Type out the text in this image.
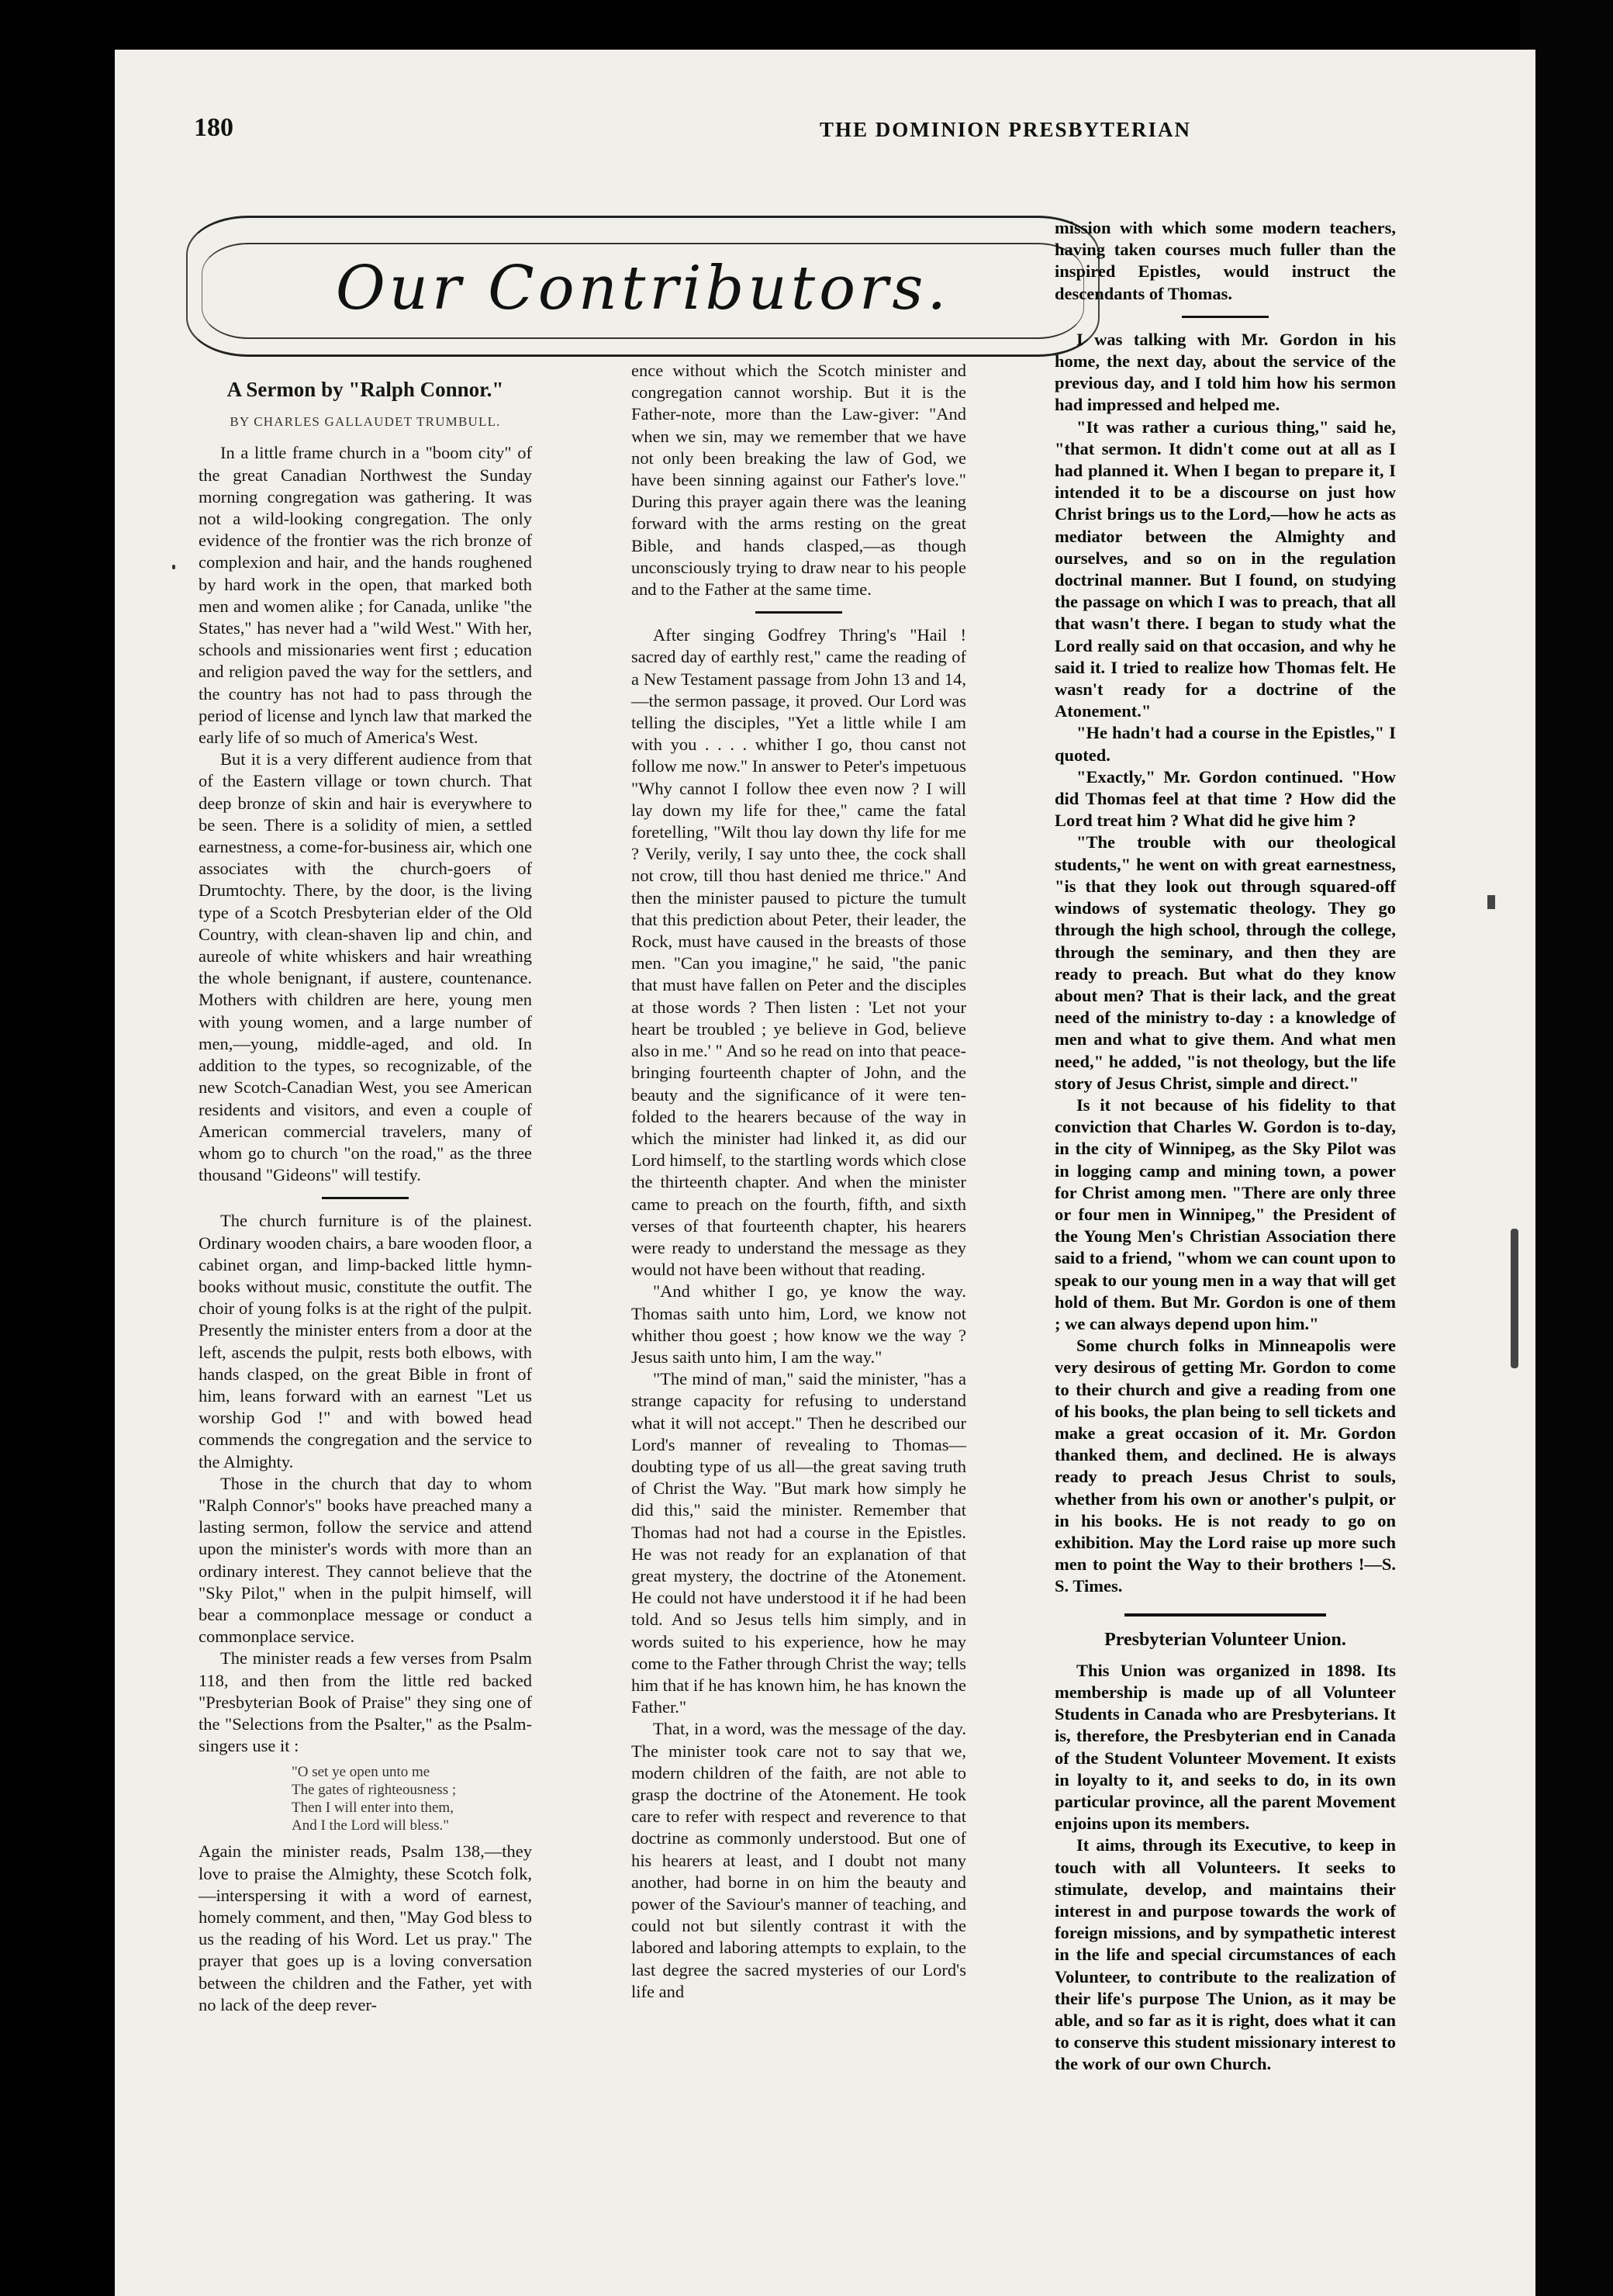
180	THE DOMINION PRESBYTERIAN
Our Contributors.
A Sermon by "Ralph Connor."
BY CHARLES GALLAUDET TRUMBULL.

In a little frame church in a "boom city" of the great Canadian Northwest the Sunday morning congregation was gathering. It was not a wild-looking congregation. The only evidence of the frontier was the rich bronze of complexion and hair, and the hands roughened by hard work in the open, that marked both men and women alike ; for Canada, unlike "the States," has never had a "wild West." With her, schools and missionaries went first ; education and religion paved the way for the settlers, and the country has not had to pass through the period of license and lynch law that marked the early life of so much of America's West.

But it is a very different audience from that of the Eastern village or town church. That deep bronze of skin and hair is everywhere to be seen. There is a solidity of mien, a settled earnestness, a come-for-business air, which one associates with the church-goers of Drumtochty. There, by the door, is the living type of a Scotch Presbyterian elder of the Old Country, with clean-shaven lip and chin, and aureole of white whiskers and hair wreathing the whole benignant, if austere, countenance. Mothers with children are here, young men with young women, and a large number of men,—young, middle-aged, and old. In addition to the types, so recognizable, of the new Scotch-Canadian West, you see American residents and visitors, and even a couple of American commercial travelers, many of whom go to church "on the road," as the three thousand "Gideons" will testify.

The church furniture is of the plainest. Ordinary wooden chairs, a bare wooden floor, a cabinet organ, and limp-backed little hymn-books without music, constitute the outfit. The choir of young folks is at the right of the pulpit. Presently the minister enters from a door at the left, ascends the pulpit, rests both elbows, with hands clasped, on the great Bible in front of him, leans forward with an earnest "Let us worship God !" and with bowed head commends the congregation and the service to the Almighty.

Those in the church that day to whom "Ralph Connor's" books have preached many a lasting sermon, follow the service and attend upon the minister's words with more than an ordinary interest. They cannot believe that the "Sky Pilot," when in the pulpit himself, will bear a commonplace message or conduct a commonplace service.

The minister reads a few verses from Psalm 118, and then from the little red backed "Presbyterian Book of Praise" they sing one of the "Selections from the Psalter," as the Psalm-singers use it :

"O set ye open unto me
The gates of righteousness ;
Then I will enter into them,
And I the Lord will bless."

Again the minister reads, Psalm 138,—they love to praise the Almighty, these Scotch folk,—interspersing it with a word of earnest, homely comment, and then, "May God bless to us the reading of his Word. Let us pray." The prayer that goes up is a loving conversation between the children and the Father, yet with no lack of the deep rever-

ence without which the Scotch minister and congregation cannot worship. But it is the Father-note, more than the Law-giver: "And when we sin, may we remember that we have not only been breaking the law of God, we have been sinning against our Father's love." During this prayer again there was the leaning forward with the arms resting on the great Bible, and hands clasped,—as though unconsciously trying to draw near to his people and to the Father at the same time.

After singing Godfrey Thring's "Hail ! sacred day of earthly rest," came the reading of a New Testament passage from John 13 and 14,—the sermon passage, it proved. Our Lord was telling the disciples, "Yet a little while I am with you . . . . whither I go, thou canst not follow me now." In answer to Peter's impetuous "Why cannot I follow thee even now ? I will lay down my life for thee," came the fatal foretelling, "Wilt thou lay down thy life for me ? Verily, verily, I say unto thee, the cock shall not crow, till thou hast denied me thrice." And then the minister paused to picture the tumult that this prediction about Peter, their leader, the Rock, must have caused in the breasts of those men. "Can you imagine," he said, "the panic that must have fallen on Peter and the disciples at those words ? Then listen : 'Let not your heart be troubled ; ye believe in God, believe also in me.' " And so he read on into that peace-bringing fourteenth chapter of John, and the beauty and the significance of it were ten-folded to the hearers because of the way in which the minister had linked it, as did our Lord himself, to the startling words which close the thirteenth chapter. And when the minister came to preach on the fourth, fifth, and sixth verses of that fourteenth chapter, his hearers were ready to understand the message as they would not have been without that reading.

"And whither I go, ye know the way. Thomas saith unto him, Lord, we know not whither thou goest ; how know we the way ? Jesus saith unto him, I am the way."

"The mind of man," said the minister, "has a strange capacity for refusing to understand what it will not accept." Then he described our Lord's manner of revealing to Thomas—doubting type of us all—the great saving truth of Christ the Way. "But mark how simply he did this," said the minister. Remember that Thomas had not had a course in the Epistles. He was not ready for an explanation of that great mystery, the doctrine of the Atonement. He could not have understood it if he had been told. And so Jesus tells him simply, and in words suited to his experience, how he may come to the Father through Christ the way; tells him that if he has known him, he has known the Father."

That, in a word, was the message of the day. The minister took care not to say that we, modern children of the faith, are not able to grasp the doctrine of the Atonement. He took care to refer with respect and reverence to that doctrine as commonly understood. But one of his hearers at least, and I doubt not many another, had borne in on him the beauty and power of the Saviour's manner of teaching, and could not but silently contrast it with the labored and laboring attempts to explain, to the last degree the sacred mysteries of our Lord's life and

mission with which some modern teachers, having taken courses much fuller than the inspired Epistles, would instruct the descendants of Thomas.

I was talking with Mr. Gordon in his home, the next day, about the service of the previous day, and I told him how his sermon had impressed and helped me.

"It was rather a curious thing," said he, "that sermon. It didn't come out at all as I had planned it. When I began to prepare it, I intended it to be a discourse on just how Christ brings us to the Lord,—how he acts as mediator between the Almighty and ourselves, and so on in the regulation doctrinal manner. But I found, on studying the passage on which I was to preach, that all that wasn't there. I began to study what the Lord really said on that occasion, and why he said it. I tried to realize how Thomas felt. He wasn't ready for a doctrine of the Atonement."

"He hadn't had a course in the Epistles," I quoted.

"Exactly," Mr. Gordon continued. "How did Thomas feel at that time ? How did the Lord treat him ? What did he give him ?

"The trouble with our theological students," he went on with great earnestness, "is that they look out through squared-off windows of systematic theology. They go through the high school, through the college, through the seminary, and then they are ready to preach. But what do they know about men? That is their lack, and the great need of the ministry to-day : a knowledge of men and what to give them. And what men need," he added, "is not theology, but the life story of Jesus Christ, simple and direct."

Is it not because of his fidelity to that conviction that Charles W. Gordon is to-day, in the city of Winnipeg, as the Sky Pilot was in logging camp and mining town, a power for Christ among men. "There are only three or four men in Winnipeg," the President of the Young Men's Christian Association there said to a friend, "whom we can count upon to speak to our young men in a way that will get hold of them. But Mr. Gordon is one of them ; we can always depend upon him."

Some church folks in Minneapolis were very desirous of getting Mr. Gordon to come to their church and give a reading from one of his books, the plan being to sell tickets and make a great occasion of it. Mr. Gordon thanked them, and declined. He is always ready to preach Jesus Christ to souls, whether from his own or another's pulpit, or in his books. He is not ready to go on exhibition. May the Lord raise up more such men to point the Way to their brothers !—S. S. Times.

Presbyterian Volunteer Union.

This Union was organized in 1898. Its membership is made up of all Volunteer Students in Canada who are Presbyterians. It is, therefore, the Presbyterian end in Canada of the Student Volunteer Movement. It exists in loyalty to it, and seeks to do, in its own particular province, all the parent Movement enjoins upon its members.

It aims, through its Executive, to keep in touch with all Volunteers. It seeks to stimulate, develop, and maintains their interest in and purpose towards the work of foreign missions, and by sympathetic interest in the life and special circumstances of each Volunteer, to contribute to the realization of their life's purpose The Union, as it may be able, and so far as it is right, does what it can to conserve this student missionary interest to the work of our own Church.
